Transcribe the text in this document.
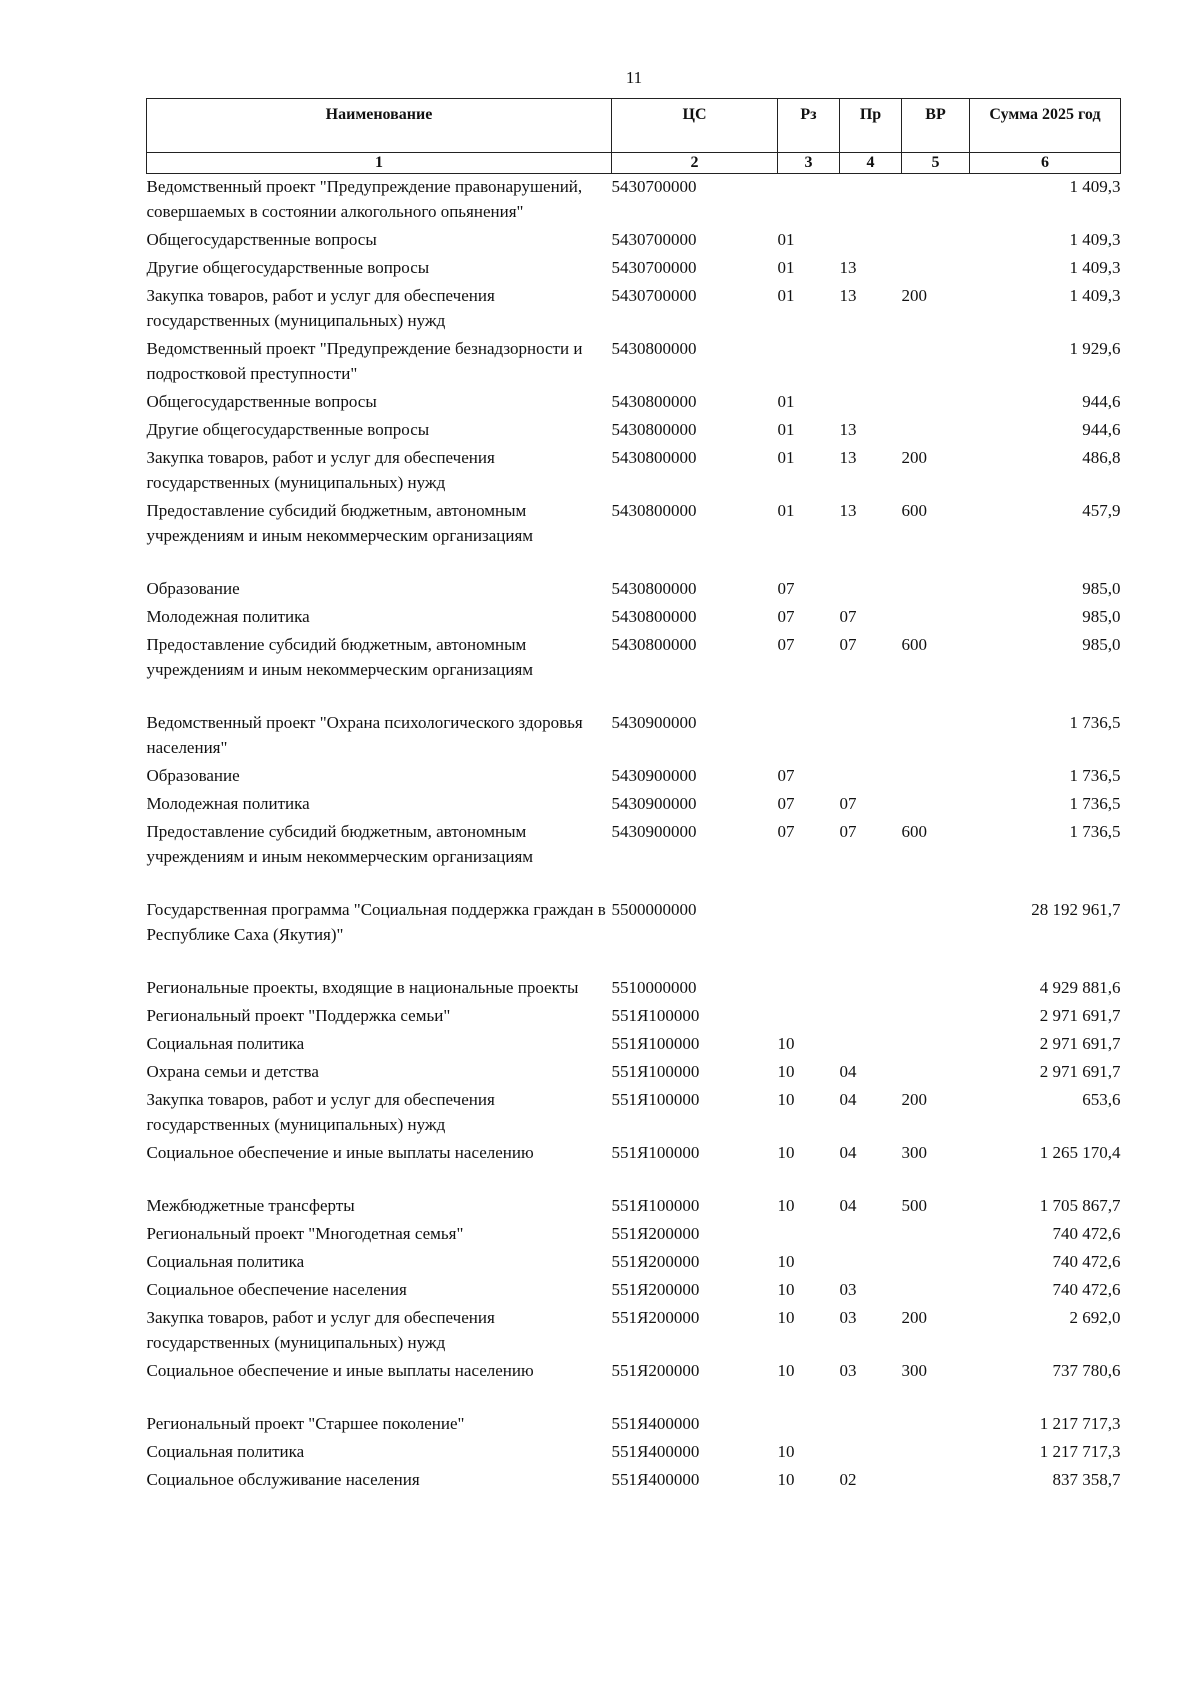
11
Наименование	ЦС	Рз	Пр	ВР	Сумма 2025 год
1	2	3	4	5	6
Ведомственный проект "Предупреждение правонарушений, совершаемых в состоянии алкогольного опьянения"	5430700000				1 409,3
Общегосударственные вопросы	5430700000	01			1 409,3
Другие общегосударственные вопросы	5430700000	01	13		1 409,3
Закупка товаров, работ и услуг для обеспечения государственных (муниципальных) нужд	5430700000	01	13	200	1 409,3
Ведомственный проект "Предупреждение безнадзорности и подростковой преступности"	5430800000				1 929,6
Общегосударственные вопросы	5430800000	01			944,6
Другие общегосударственные вопросы	5430800000	01	13		944,6
Закупка товаров, работ и услуг для обеспечения государственных (муниципальных) нужд	5430800000	01	13	200	486,8
Предоставление субсидий бюджетным, автономным учреждениям и иным некоммерческим организациям	5430800000	01	13	600	457,9
Образование	5430800000	07			985,0
Молодежная политика	5430800000	07	07		985,0
Предоставление субсидий бюджетным, автономным учреждениям и иным некоммерческим организациям	5430800000	07	07	600	985,0
Ведомственный проект "Охрана психологического здоровья населения"	5430900000				1 736,5
Образование	5430900000	07			1 736,5
Молодежная политика	5430900000	07	07		1 736,5
Предоставление субсидий бюджетным, автономным учреждениям и иным некоммерческим организациям	5430900000	07	07	600	1 736,5
Государственная программа "Социальная поддержка граждан в Республике Саха (Якутия)"	5500000000				28 192 961,7
Региональные проекты, входящие в национальные проекты	5510000000				4 929 881,6
Региональный проект "Поддержка семьи"	551Я100000				2 971 691,7
Социальная политика	551Я100000	10			2 971 691,7
Охрана семьи и детства	551Я100000	10	04		2 971 691,7
Закупка товаров, работ и услуг для обеспечения государственных (муниципальных) нужд	551Я100000	10	04	200	653,6
Социальное обеспечение и иные выплаты населению	551Я100000	10	04	300	1 265 170,4
Межбюджетные трансферты	551Я100000	10	04	500	1 705 867,7
Региональный проект "Многодетная семья"	551Я200000				740 472,6
Социальная политика	551Я200000	10			740 472,6
Социальное обеспечение населения	551Я200000	10	03		740 472,6
Закупка товаров, работ и услуг для обеспечения государственных (муниципальных) нужд	551Я200000	10	03	200	2 692,0
Социальное обеспечение и иные выплаты населению	551Я200000	10	03	300	737 780,6
Региональный проект "Старшее поколение"	551Я400000				1 217 717,3
Социальная политика	551Я400000	10			1 217 717,3
Социальное обслуживание населения	551Я400000	10	02		837 358,7
